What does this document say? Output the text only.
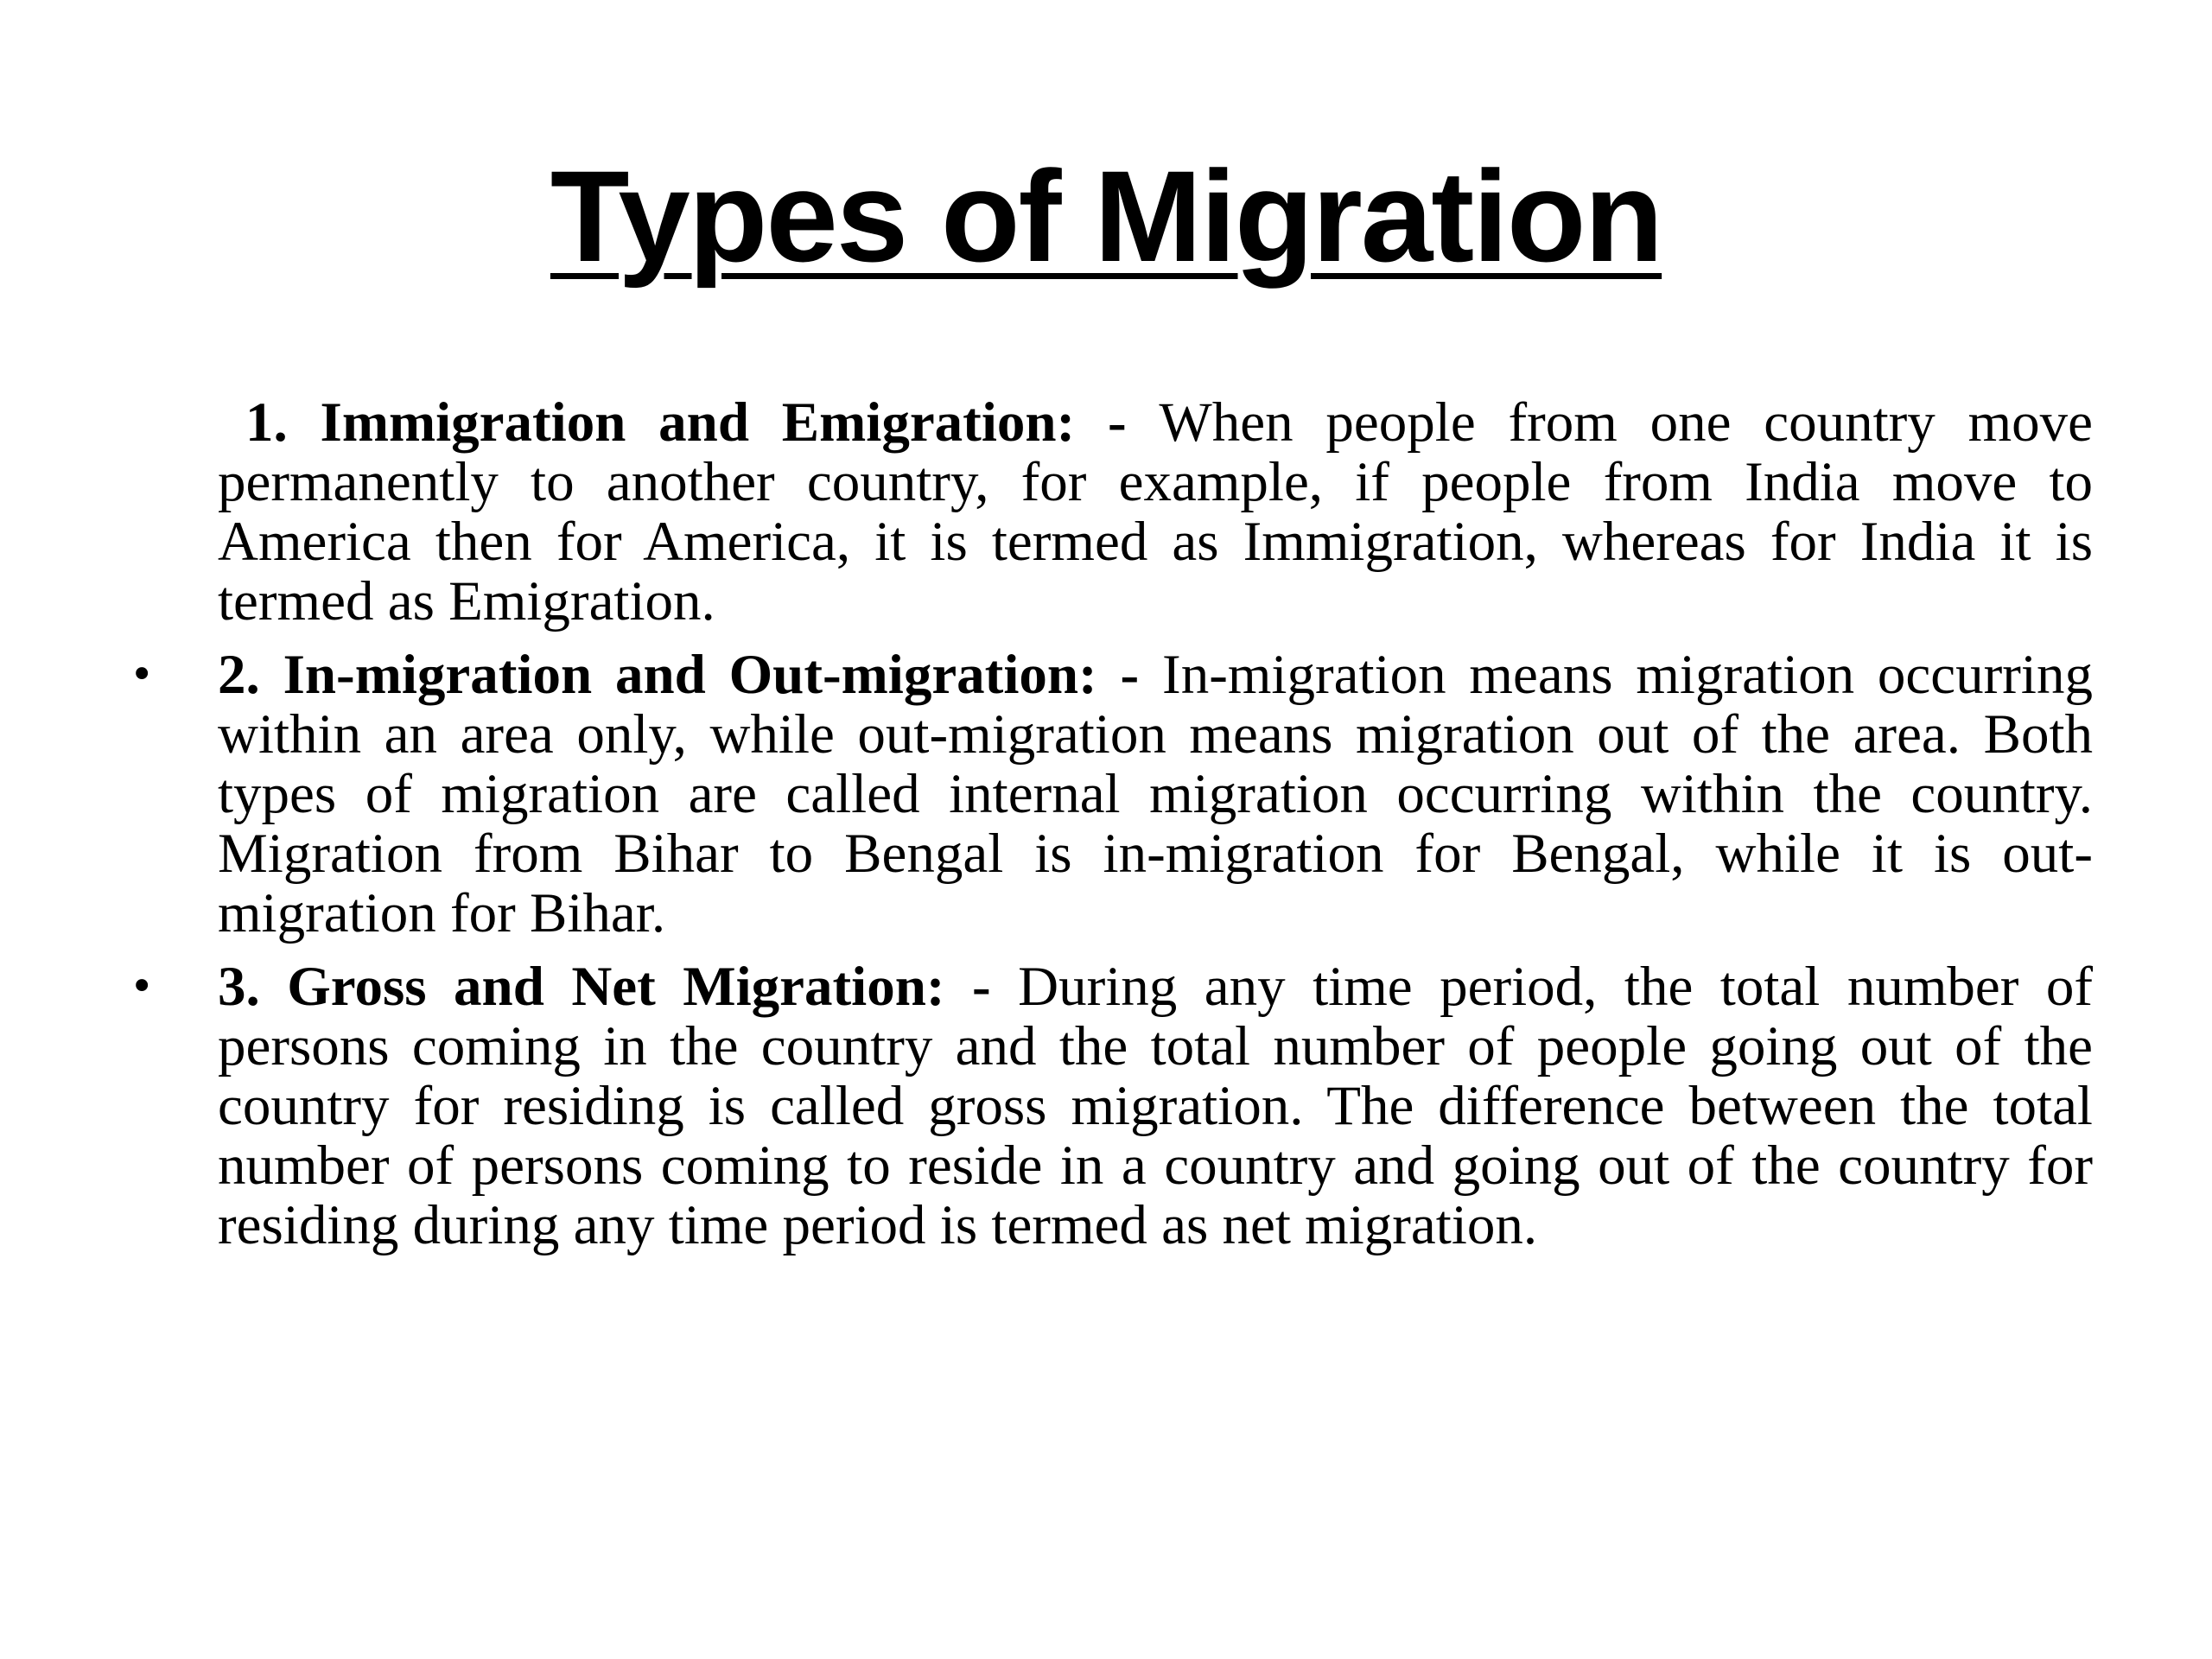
Types of Migration
1. Immigration and Emigration: - When people from one country move permanently to another country, for example, if people from India move to America then for America, it is termed as Immigration, whereas for India it is termed as Emigration.
• 2. In-migration and Out-migration: - In-migration means migration occurring within an area only, while out-migration means migration out of the area. Both types of migration are called internal migration occurring within the country. Migration from Bihar to Bengal is in-migration for Bengal, while it is out- migration for Bihar.
• 3. Gross and Net Migration: - During any time period, the total number of persons coming in the country and the total number of people going out of the country for residing is called gross migration. The difference between the total number of persons coming to reside in a country and going out of the country for residing during any time period is termed as net migration.
